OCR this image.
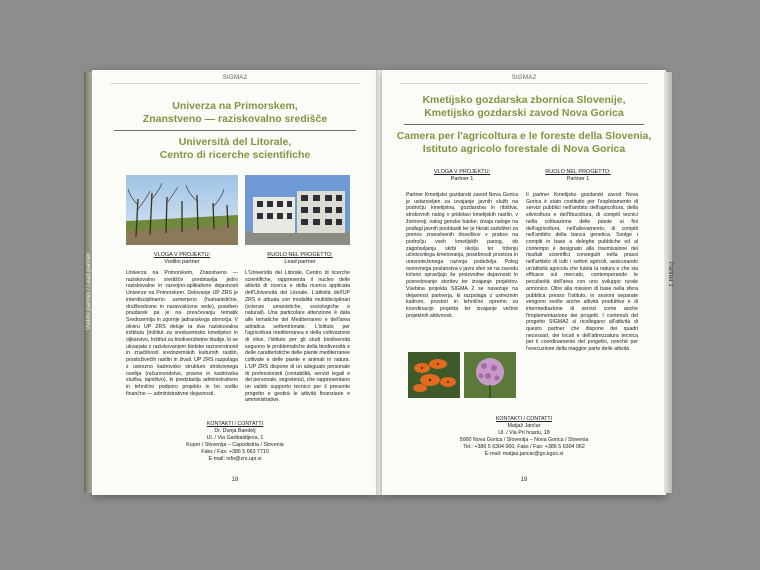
SIGMA2
Univerza na Primorskem,
Znanstveno — raziskovalno središče
Università del Litorale,
Centro di ricerche scientifiche
VLOGA V PROJEKTU:
Vodilni partner
RUOLO NEL PROGETTO:
Lead partner
Univerza na Primorskem, Znanstveno — raziskovalno središče predstavlja jedro raziskovalne in razvojno-aplikativne dejavnosti Univerze na Primorskem. Delovanje UP ZRS je interdisciplinarno usmerjeno (humanistične, družboslovne in naravoslovne vede), poseben poudarek pa je na preučevanju tematik Sredozemlja in zgornje jadranskega območja. V okviru UP ZRS deluje ta dva raziskovalna inštituta (Inštitut za sredozemsko kmetijstvo in oljkarstvo, Inštitut za biodiverzitetne študije, ki se ukvarjata z raziskovanjem biotske raznovrstnosti in značilnosti sredozemskih kulturnih rastlin, prostoživečih rastlin in živali. UP ZRS razpolaga z ustrezno kadrovsko strukturo strokovnega osebja (računovodstvo, pravna in kadrovska služba, tajništvo), ki predstavlja administrativno in tehnično podporo projektu in bo vodilo finančno — administrativne dejavnosti.
L'Università del Litorale, Centro di ricerche scientifiche, rappresenta il nucleo delle attività di ricerca e della ricerca applicata dell'Università del Litorale. L'attività dell'UP ZRS è attuata con modalità multidisciplinari (scienze umanistiche, sociologiche e naturali). Una particolare attenzione è data alle tematiche del Mediterraneo e dell'area adriatica settentrionale. L'istituto per l'agricoltura mediterranea e della coltivazione di olive, l'istituto per gli studi biodiversità seguono le problematiche della biodiversità e delle caratteristiche delle piante mediterranee coltivate e delle piante e animali in natura. L'UP ZRS dispone di un adeguato personale di professionisti (contabilità, servizi legali e del personale, segreteria), che rappresentano un valido supporto tecnico per il presente progetto e gestirà le attività finanziarie e amministrative.
KONTAKTI / CONTATTI
Dr. Dunja Bandelj
Ul. / Via Garibaldijeva, 1
Koper / Slovenija – Capodistria / Slovenia
Faks / Fax: +386 5 663 7710
E-mail: info@zrs.upr.si
18
Vodilni partner / Lead partner
SIGMA2
Kmetijsko gozdarska zbornica Slovenije,
Kmetijsko gozdarski zavod Nova Gorica
Camera per l'agricoltura e le foreste della Slovenia,
Istituto agricolo forestale di Nova Gorica
VLOGA V PROJEKTU:
Partner 1
RUOLO NEL PROGETTO:
Partner 1
Partner Kmetijsko gozdarski zavod Nova Gorica je ustanovljen za izvajanje javnih služb na področju kmetijstva, gozdarstva in ribištva, strokovnih nalog v pridelavi kmetijskih rastlin, v živinoreji, nalog genske banke; izvaja naloge na podlagi javnih pooblastil ter je hkrati zadolžen za prenos znanstvenih dosežkov v prakso na področju vseh kmetijskih panog, ob zagotavljanju skrbi okolju ter trženju učinkovitega kmetovanja, posebnosti prostora in uravnoteženega razvoja podeželja. Poleg osnovnega poslanstva v javni sferi se na zavodu ločeno opravljajo še proizvodne dejavnosti in posredovanje storitev ter izvajanje projektov. Vsebina projekta SIGMA 2 se navezuje na dejavnost partnerja, ki razpolaga z ustreznim kadrom, prostori in tehnično opremo za koordinacijo projekta ter izvajanje večine projektnih aktivnosti.
Il partner Kmetijsko gozdarski zavod Nova Gorica è stato costituito per l'espletamento di servizi pubblici nell'ambito dell'agricoltura, della silvicoltura e dell'ittucoltura, di compiti tecnici nella coltivazione delle piante ai fini dell'agricoltura, nell'allevamento, di compiti nell'ambito della banca genetica. Svolge i compiti in base a deleghe pubbliche ed al contempo è designato alla trasmissione dei risultati scientifici conseguiti nella prassi nell'ambito di tutti i settori agricoli, assicurando un'attività agricola che tutela la natura e che sia efficace sul mercato, contemperando le peculiarità dell'area con uno sviluppo rurale armonico. Oltre alla mission di base nella sfera pubblica presso l'istituto, in sezioni separate vengono svolte anche attività produttive e di intermediazione di servizi come anche l'implementazione dei progetti. I contenuti del progetto SIGMA2 si ricollegano all'attività di questo partner che dispone dei quadri necessari, dei locali e dell'attrezzatura tecnica per il coordinamento del progetto, nonché per l'esecuzione della maggior parte delle attività.
KONTAKTI / CONTATTI
Matjaž Jančar
Ul. / Via Pri hrastu, 18
5000 Nova Gorica / Slovenija – Nova Gorica / Slovenia
Tel.: +386 5 6304 000, Faks / Fax: +386 5 6304 062
E-mail: matjaz.jancar@go.kgzs.si
19
Partner 1
